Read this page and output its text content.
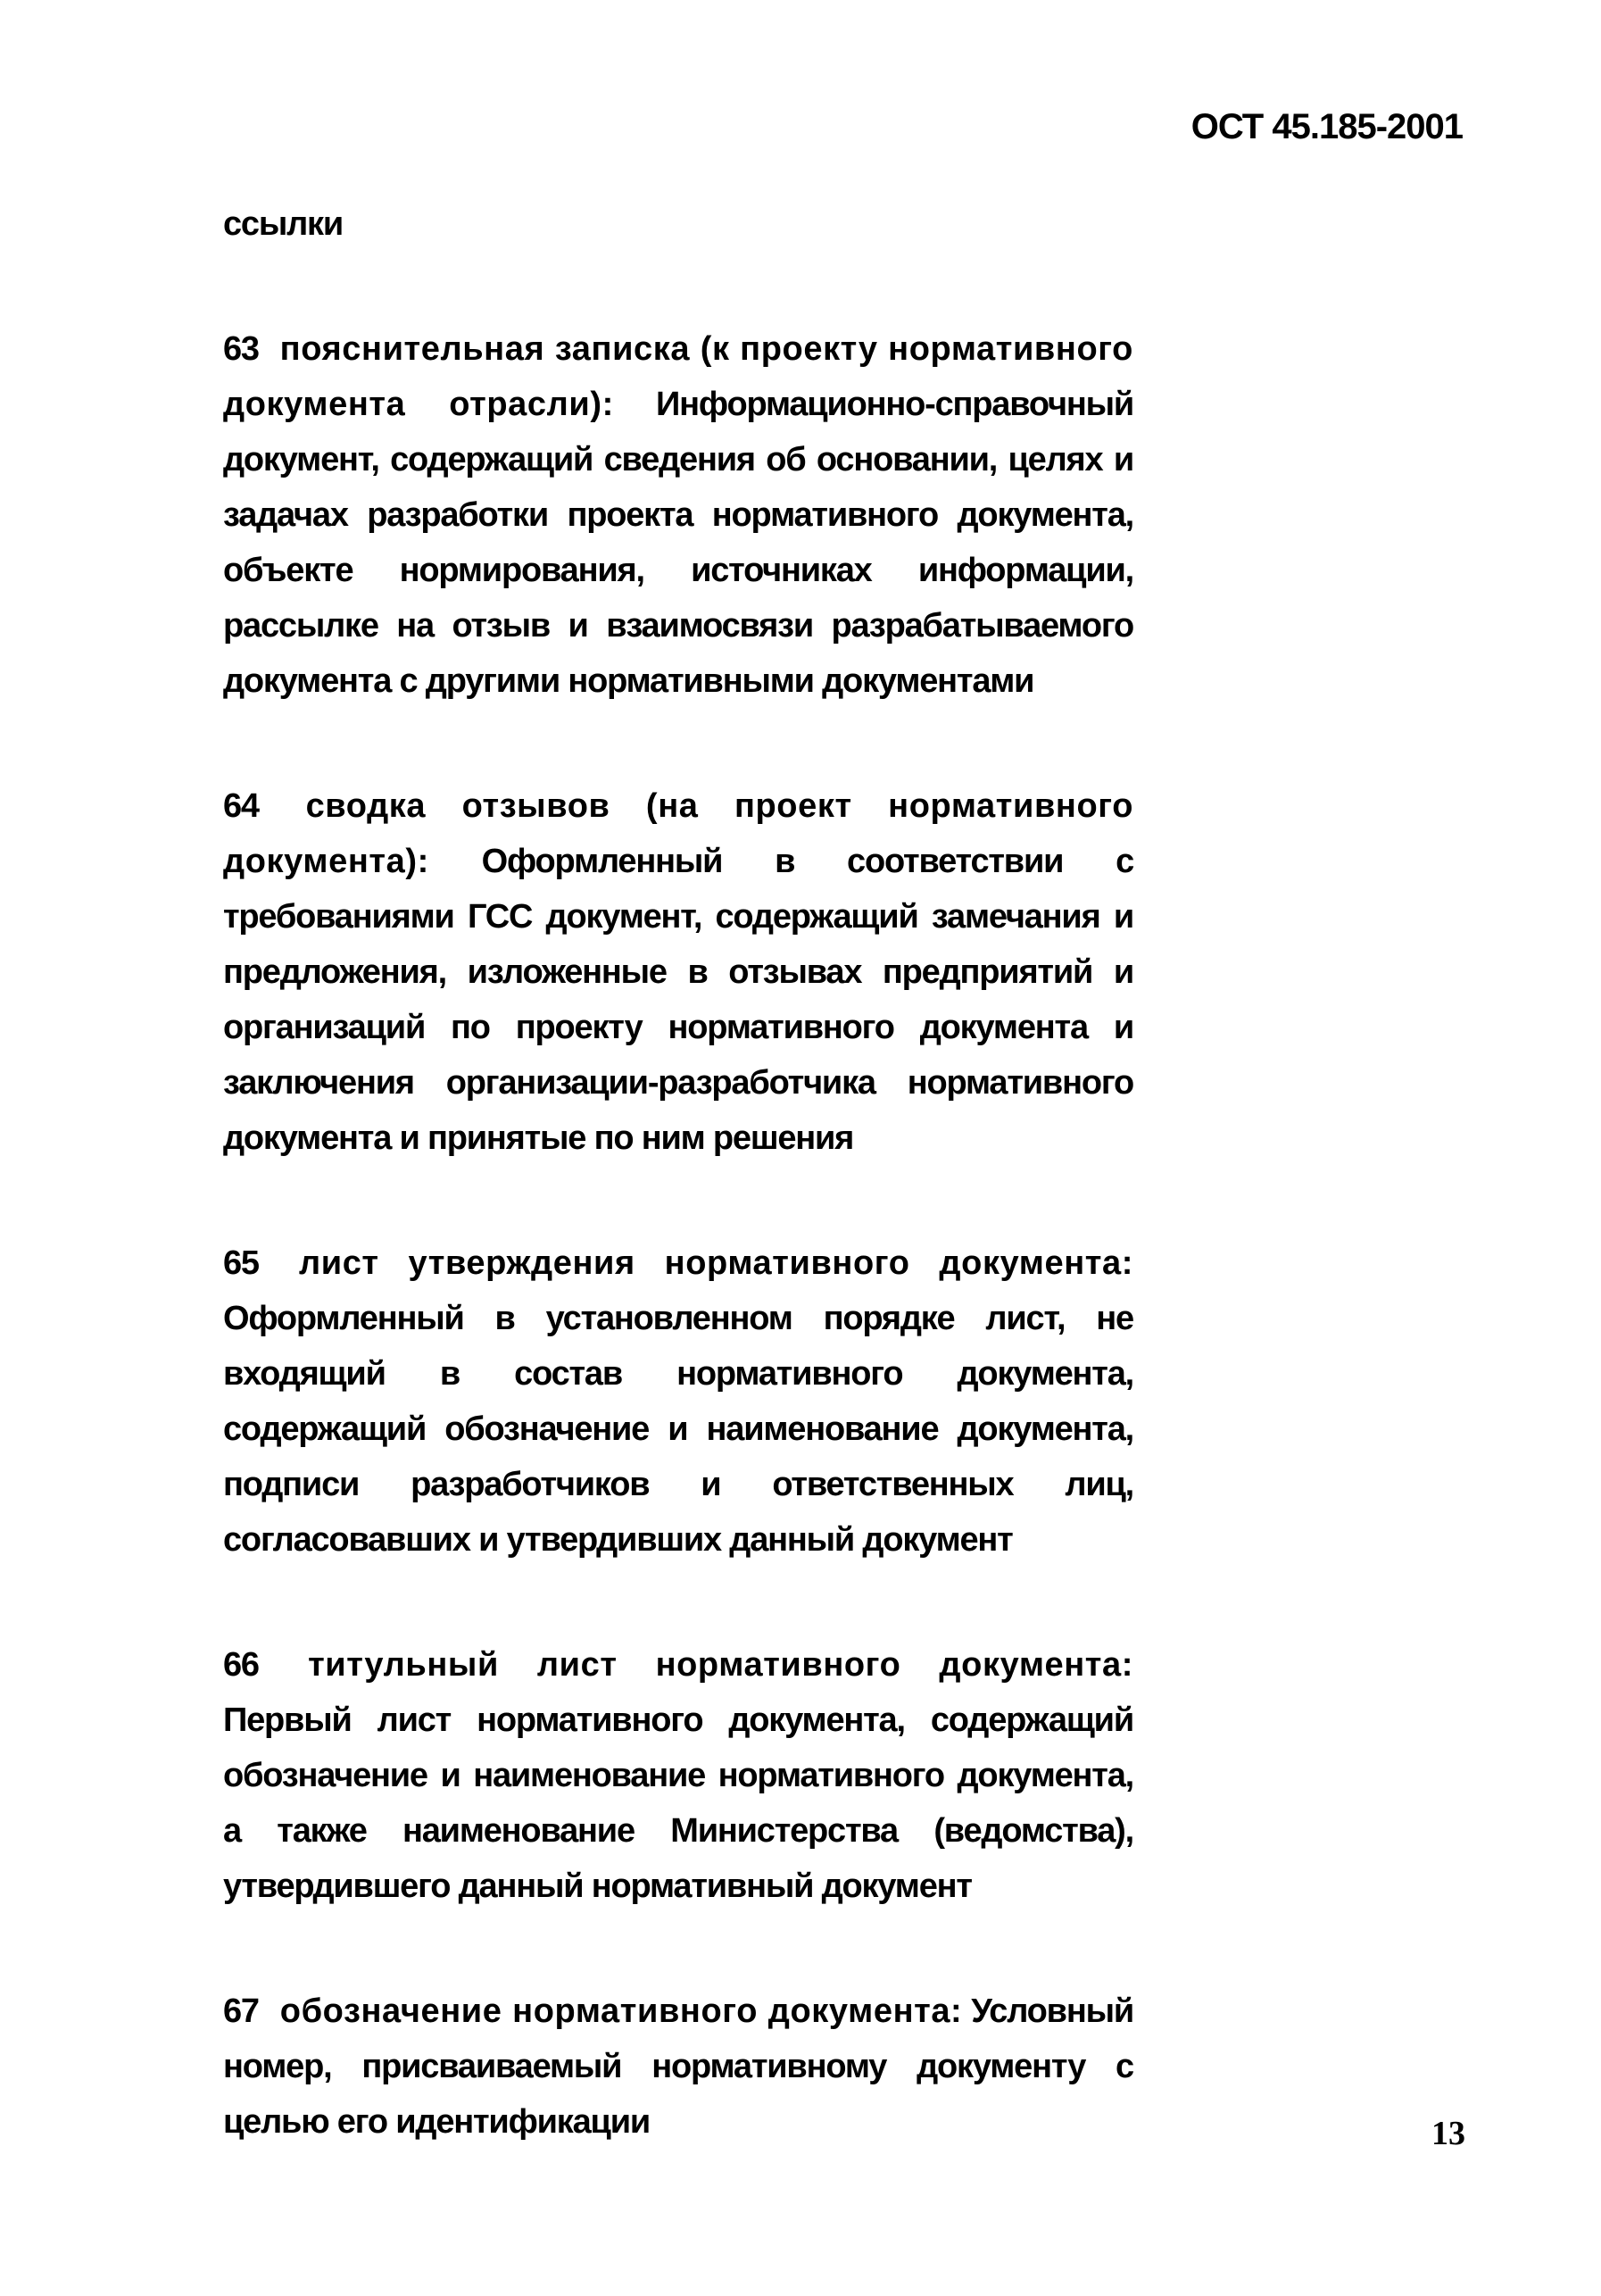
ОСТ 45.185-2001
ссылки
63 пояснительная записка (к проекту нормативного документа отрасли): Информационно-справочный документ, содержащий сведения об основании, целях и задачах разработки проекта нормативного документа, объекте нормирования, источниках информации, рассылке на отзыв и взаимосвязи разрабатываемого документа с другими нормативными документами
64 сводка отзывов (на проект нормативного документа): Оформленный в соответствии с требованиями ГСС документ, содержащий замечания и предложения, изложенные в отзывах предприятий и организаций по проекту нормативного документа и заключения организации-разработчика нормативного документа и принятые по ним решения
65 лист утверждения нормативного документа: Оформленный в установленном порядке лист, не входящий в состав нормативного документа, содержащий обозначение и наименование документа, подписи разработчиков и ответственных лиц, согласовавших и утвердивших данный документ
66 титульный лист нормативного документа: Первый лист нормативного документа, содержащий обозначение и наименование нормативного документа, а также наименование Министерства (ведомства), утвердившего данный нормативный документ
67 обозначение нормативного документа: Условный номер, присваиваемый нормативному документу с целью его идентификации	13
